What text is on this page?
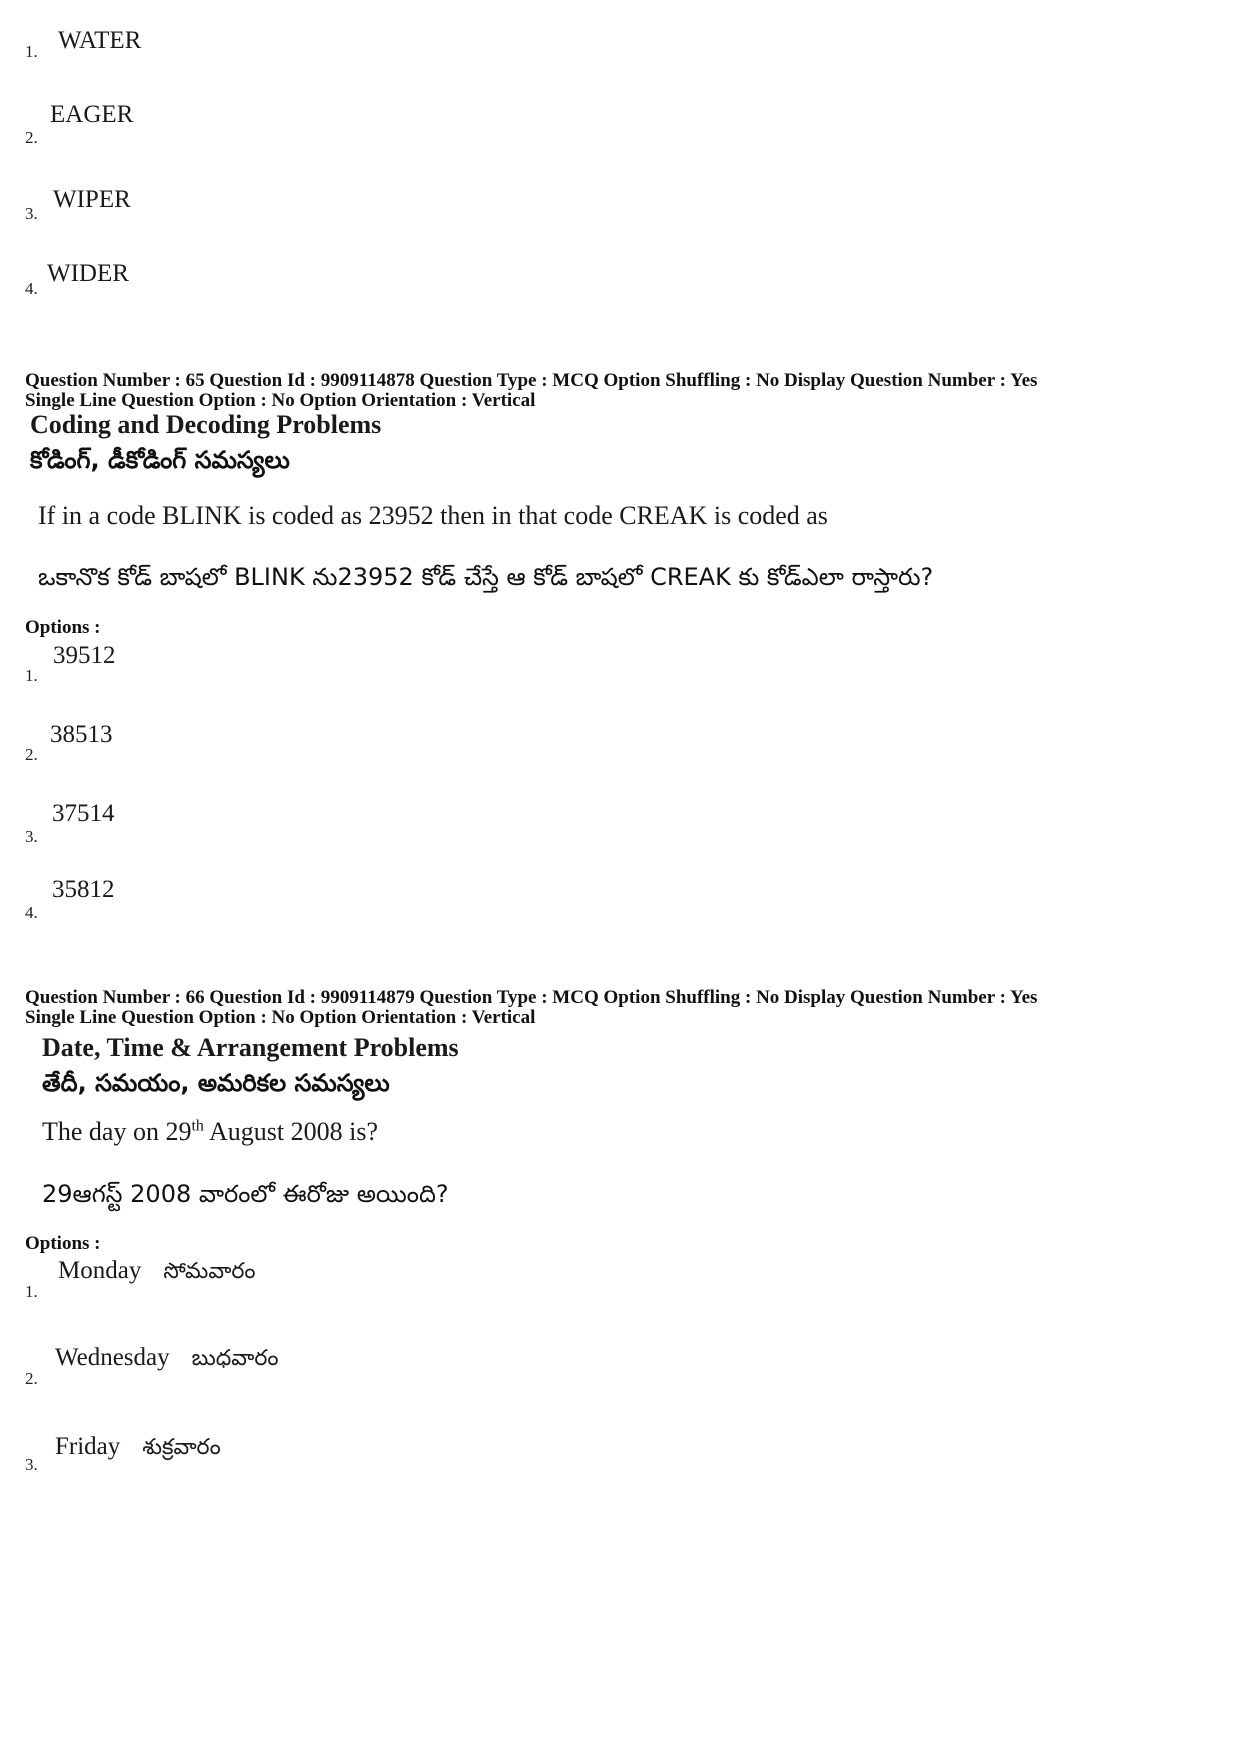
1. WATER
2.
EAGER
3.
WIPER
4.
WIDER
Question Number : 65 Question Id : 9909114878 Question Type : MCQ Option Shuffling : No Display Question Number : Yes
Single Line Question Option : No Option Orientation : Vertical
Coding and Decoding Problems
కోడింగ్, డీకోడింగ్ సమస్యలు
If in a code BLINK is coded as 23952 then in that code CREAK is coded as
ఒకానొక కోడ్ బాషలో BLINK ను23952 కోడ్ చేస్తే ఆ కోడ్ బాషలో CREAK కు కోడ్ఎలా రాస్తారు?
Options :
1.
39512
2.
38513
3.
37514
4.
35812
Question Number : 66 Question Id : 9909114879 Question Type : MCQ Option Shuffling : No Display Question Number : Yes
Single Line Question Option : No Option Orientation : Vertical
Date, Time & Arrangement Problems
తేదీ, సమయం, అమరికల సమస్యలు
The day on 29th August 2008 is?
29ఆగస్ట్ 2008 వారంలో ఈరోజు అయింది?
Options :
1.
Monday సోమవారం
2.
Wednesday బుధవారం
3.
Friday శుక్రవారం
